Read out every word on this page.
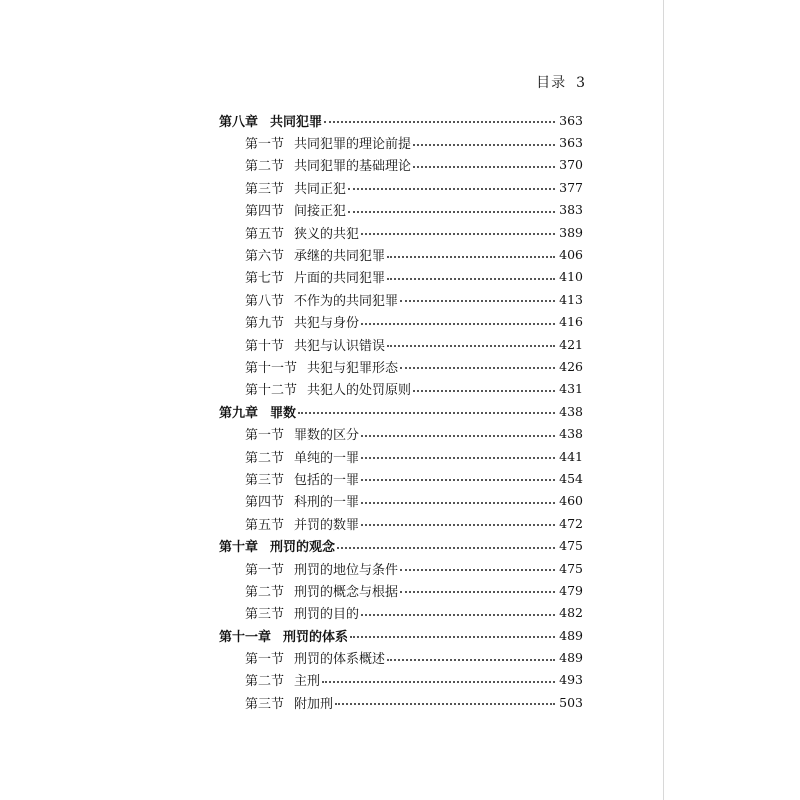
目录 3
第八章 共同犯罪	363
第一节 共同犯罪的理论前提	363
第二节 共同犯罪的基础理论	370
第三节 共同正犯	377
第四节 间接正犯	383
第五节 狭义的共犯	389
第六节 承继的共同犯罪	406
第七节 片面的共同犯罪	410
第八节 不作为的共同犯罪	413
第九节 共犯与身份	416
第十节 共犯与认识错误	421
第十一节 共犯与犯罪形态	426
第十二节 共犯人的处罚原则	431
第九章 罪数	438
第一节 罪数的区分	438
第二节 单纯的一罪	441
第三节 包括的一罪	454
第四节 科刑的一罪	460
第五节 并罚的数罪	472
第十章 刑罚的观念	475
第一节 刑罚的地位与条件	475
第二节 刑罚的概念与根据	479
第三节 刑罚的目的	482
第十一章 刑罚的体系	489
第一节 刑罚的体系概述	489
第二节 主刑	493
第三节 附加刑	503
